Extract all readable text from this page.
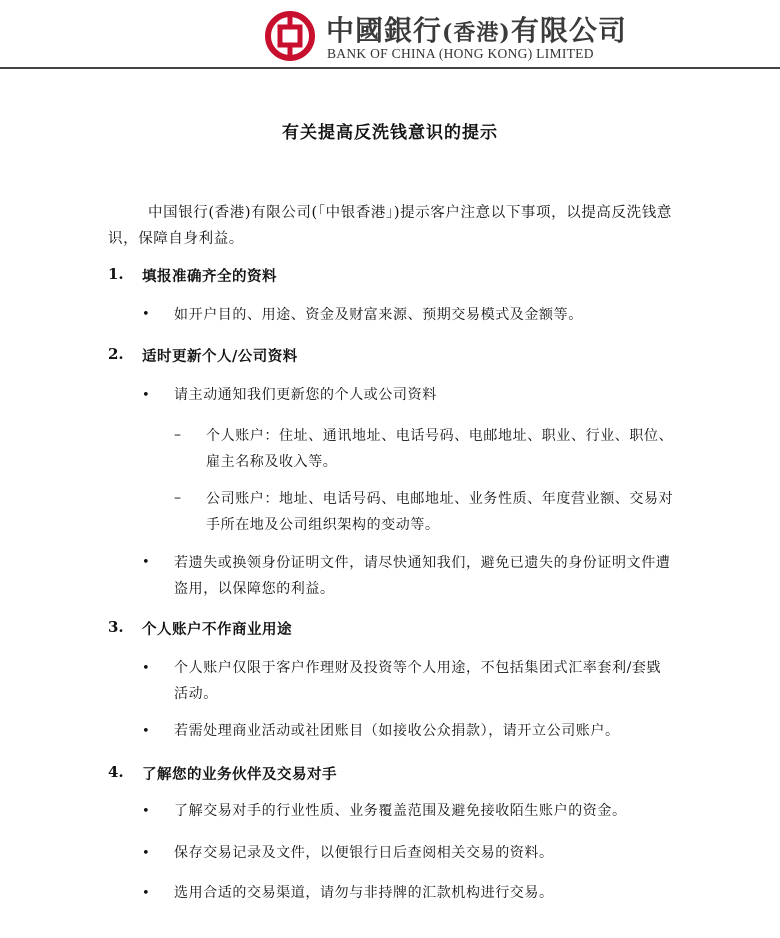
中國銀行(香港)有限公司
BANK OF CHINA (HONG KONG) LIMITED
有关提高反洗钱意识的提示
中国银行(香港)有限公司(「中银香港」)提示客户注意以下事项，以提高反洗钱意识，保障自身利益。
1. 填报准确齐全的资料
• 如开户目的、用途、资金及财富来源、预期交易模式及金额等。
2. 适时更新个人/公司资料
• 请主动通知我们更新您的个人或公司资料
– 个人账户：住址、通讯地址、电话号码、电邮地址、职业、行业、职位、雇主名称及收入等。
– 公司账户：地址、电话号码、电邮地址、业务性质、年度营业额、交易对手所在地及公司组织架构的变动等。
• 若遗失或换领身份证明文件，请尽快通知我们，避免已遗失的身份证明文件遭盗用，以保障您的利益。
3. 个人账户不作商业用途
• 个人账户仅限于客户作理财及投资等个人用途，不包括集团式汇率套利/套戥活动。
• 若需处理商业活动或社团账目（如接收公众捐款），请开立公司账户。
4. 了解您的业务伙伴及交易对手
• 了解交易对手的行业性质、业务覆盖范围及避免接收陌生账户的资金。
• 保存交易记录及文件，以便银行日后查阅相关交易的资料。
• 选用合适的交易渠道，请勿与非持牌的汇款机构进行交易。
